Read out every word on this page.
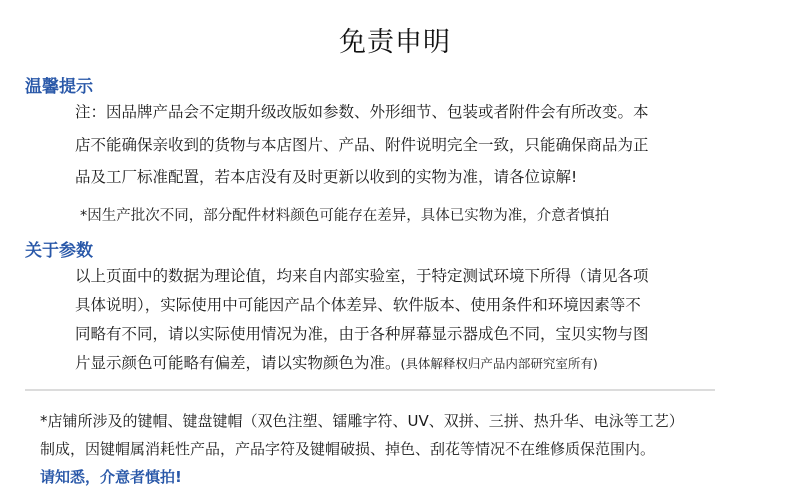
免责申明
温馨提示
注：因品牌产品会不定期升级改版如参数、外形细节、包装或者附件会有所改变。本
店不能确保亲收到的货物与本店图片、产品、附件说明完全一致，只能确保商品为正
品及工厂标准配置，若本店没有及时更新以收到的实物为准，请各位谅解!
*因生产批次不同，部分配件材料颜色可能存在差异，具体已实物为准，介意者慎拍
关于参数
以上页面中的数据为理论值，均来自内部实验室，于特定测试环境下所得（请见各项
具体说明），实际使用中可能因产品个体差异、软件版本、使用条件和环境因素等不
同略有不同，请以实际使用情况为准，由于各种屏幕显示器成色不同，宝贝实物与图
片显示颜色可能略有偏差，请以实物颜色为准。(具体解释权归产品内部研究室所有)
*店铺所涉及的键帽、键盘键帽（双色注塑、镭雕字符、UV、双拼、三拼、热升华、电泳等工艺）
制成，因键帽属消耗性产品，产品字符及键帽破损、掉色、刮花等情况不在维修质保范围内。
请知悉，介意者慎拍!
